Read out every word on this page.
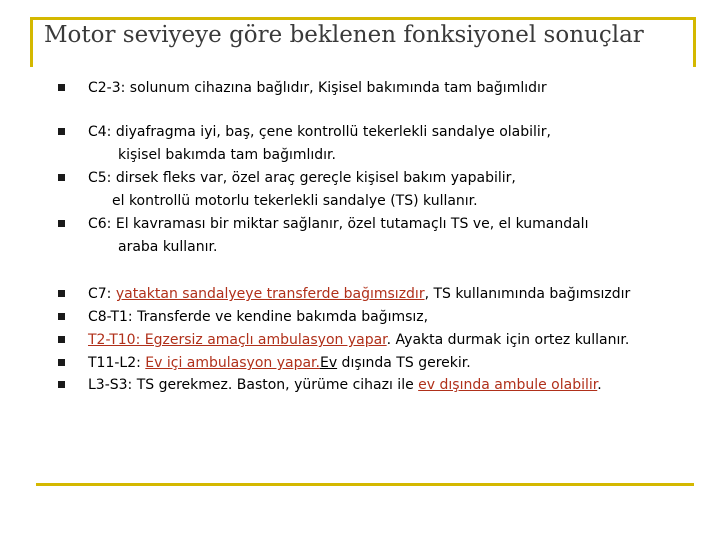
Motor seviyeye göre beklenen fonksiyonel sonuçlar
C2-3: solunum cihazına bağlıdır, Kişisel bakımında tam bağımlıdır
C4: diyafragma iyi, baş, çene kontrollü tekerlekli sandalye olabilir,
kişisel bakımda tam bağımlıdır.
C5: dirsek fleks var, özel araç gereçle kişisel bakım yapabilir,
el kontrollü motorlu tekerlekli sandalye (TS) kullanır.
C6: El kavraması bir miktar sağlanır, özel tutamaçlı TS ve, el kumandalı
araba kullanır.
C7: yataktan sandalyeye transferde bağımsızdır, TS kullanımında bağımsızdır
C8-T1: Transferde ve kendine bakımda bağımsız,
T2-T10: Egzersiz amaçlı ambulasyon yapar. Ayakta durmak için ortez kullanır.
T11-L2: Ev içi ambulasyon yapar.Ev dışında TS gerekir.
L3-S3: TS gerekmez. Baston, yürüme cihazı ile ev dışında ambule olabilir.
